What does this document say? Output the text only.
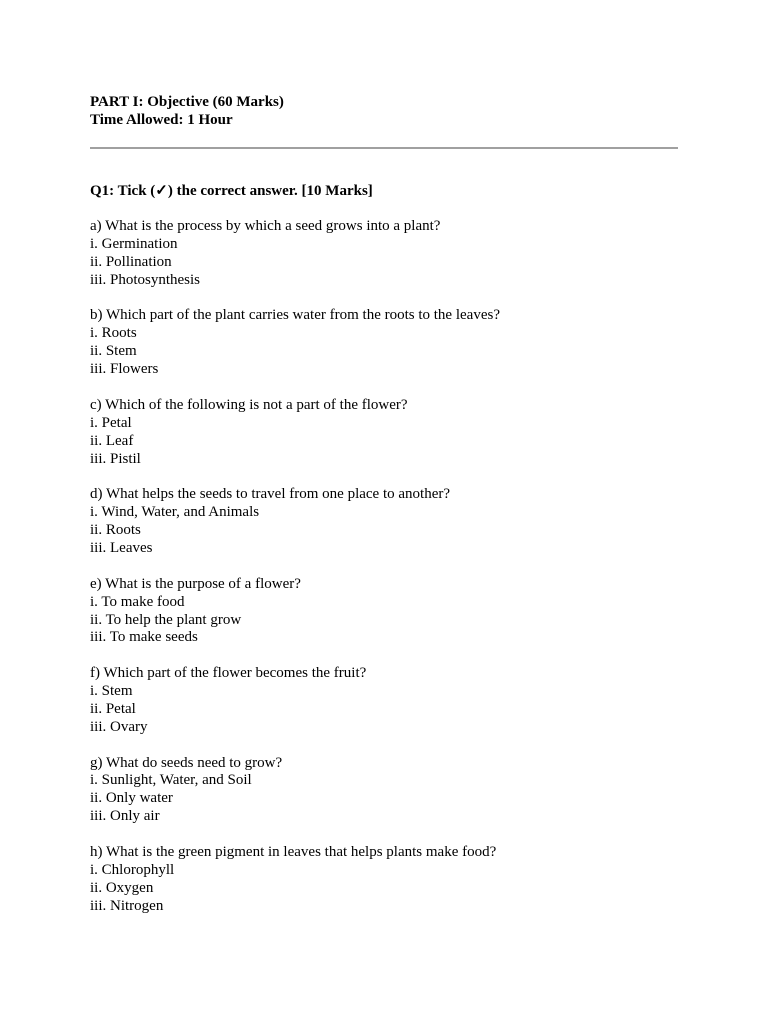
PART I: Objective (60 Marks)

Time Allowed: 1 Hour

Q1: Tick (✓) the correct answer. [10 Marks]

a) What is the process by which a seed grows into a plant?

i. Germination

ii. Pollination

iii. Photosynthesis

b) Which part of the plant carries water from the roots to the leaves?

i. Roots

ii. Stem

iii. Flowers

c) Which of the following is not a part of the flower?

i. Petal

ii. Leaf

iii. Pistil

d) What helps the seeds to travel from one place to another?

i. Wind, Water, and Animals

ii. Roots

iii. Leaves

e) What is the purpose of a flower?

i. To make food

ii. To help the plant grow

iii. To make seeds

f) Which part of the flower becomes the fruit?

i. Stem

ii. Petal

iii. Ovary

g) What do seeds need to grow?

i. Sunlight, Water, and Soil

ii. Only water

iii. Only air

h) What is the green pigment in leaves that helps plants make food?

i. Chlorophyll

ii. Oxygen

iii. Nitrogen
